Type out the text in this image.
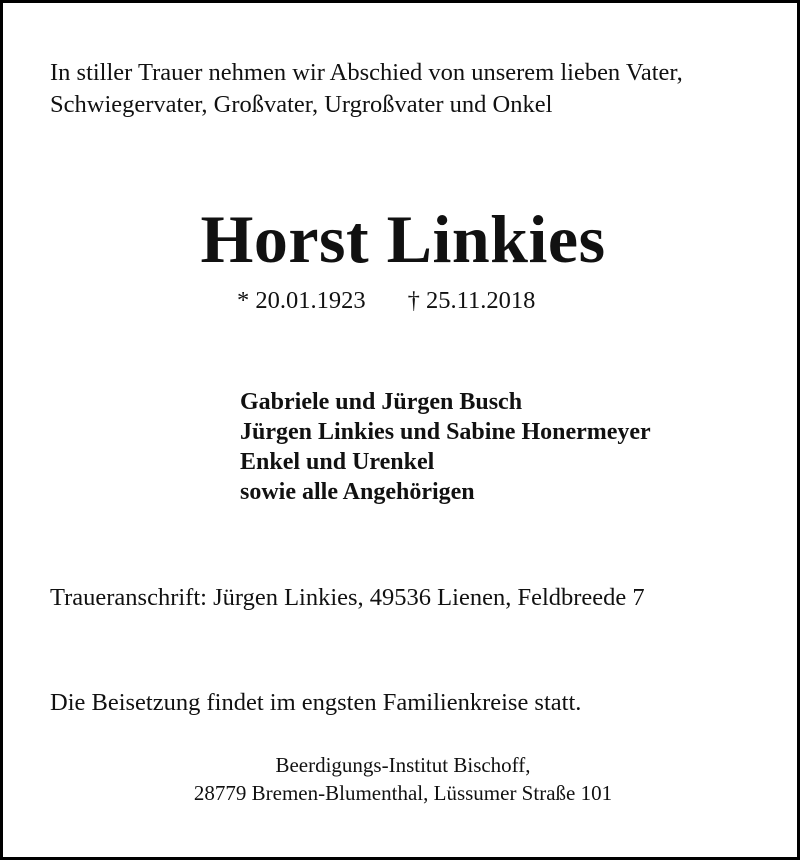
In stiller Trauer nehmen wir Abschied von unserem lieben Vater,
Schwiegervater, Großvater, Urgroßvater und Onkel
Horst Linkies
* 20.01.1923 † 25.11.2018
Gabriele und Jürgen Busch
Jürgen Linkies und Sabine Honermeyer
Enkel und Urenkel
sowie alle Angehörigen
Traueranschrift: Jürgen Linkies, 49536 Lienen, Feldbreede 7
Die Beisetzung findet im engsten Familienkreise statt.
Beerdigungs-Institut Bischoff,
28779 Bremen-Blumenthal, Lüssumer Straße 101
